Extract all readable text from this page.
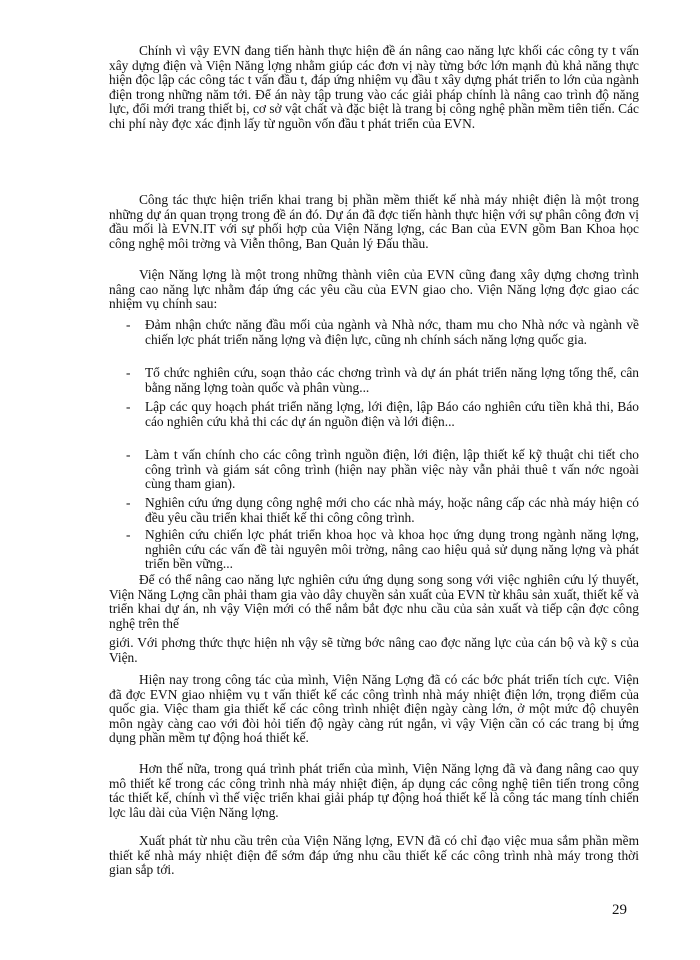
Chính vì vậy EVN đang tiến hành thực hiện đề án nâng cao năng lực khối các công ty t vấn xây dựng điện và Viện Năng lợng nhằm giúp các đơn vị này từng bớc lớn mạnh đủ khả năng thực hiện độc lập các công tác t vấn đầu t, đáp ứng nhiệm vụ đầu t xây dựng phát triển to lớn của ngành điện trong những năm tới. Để án này tập trung vào các giải pháp chính là nâng cao trình độ năng lực, đổi mới trang thiết bị, cơ sở vật chất và đặc biệt là trang bị công nghệ phần mềm tiên tiến. Các chi phí này đợc xác định lấy từ nguồn vốn đầu t phát triển của EVN.

Công tác thực hiện triển khai trang bị phần mềm thiết kế nhà máy nhiệt điện là một trong những dự án quan trọng trong đề án đó. Dự án đã đợc tiến hành thực hiện với sự phân công đơn vị đầu mối là EVN.IT với sự phối hợp của Viện Năng lợng, các Ban của EVN gồm Ban Khoa học công nghệ môi trờng và Viễn thông, Ban Quản lý Đấu thầu.

Viện Năng lợng là một trong những thành viên của EVN cũng đang xây dựng chơng trình nâng cao năng lực nhằm đáp ứng các yêu cầu của EVN giao cho. Viện Năng lợng đợc giao các nhiệm vụ chính sau:

- Đảm nhận chức năng đầu mối của ngành và Nhà nớc, tham mu cho Nhà nớc và ngành về chiến lợc phát triển năng lợng và điện lực, cũng nh chính sách năng lợng quốc gia.
- Tổ chức nghiên cứu, soạn thảo các chơng trình và dự án phát triển năng lợng tổng thể, cân bằng năng lợng toàn quốc và phân vùng...
- Lập các quy hoạch phát triển năng lợng, lới điện, lập Báo cáo nghiên cứu tiền khả thi, Báo cáo nghiên cứu khả thi các dự án nguồn điện và lới điện...
- Làm t vấn chính cho các công trình nguồn điện, lới điện, lập thiết kế kỹ thuật chi tiết cho công trình và giám sát công trình (hiện nay phần việc này vẫn phải thuê t vấn nớc ngoài cùng tham gian).
- Nghiên cứu ứng dụng công nghệ mới cho các nhà máy, hoặc nâng cấp các nhà máy hiện có đều yêu cầu triển khai thiết kế thi công công trình.
- Nghiên cứu chiến lợc phát triển khoa học và khoa học ứng dụng trong ngành năng lợng, nghiên cứu các vấn đề tài nguyên môi trờng, nâng cao hiệu quả sử dụng năng lợng và phát triển bền vững...

Để có thể nâng cao năng lực nghiên cứu ứng dụng song song với việc nghiên cứu lý thuyết, Viện Năng Lợng cần phải tham gia vào dây chuyền sản xuất của EVN từ khâu sản xuất, thiết kế và triển khai dự án, nh vậy Viện mới có thể nắm bắt đợc nhu cầu của sản xuất và tiếp cận đợc công nghệ trên thế

giới. Với phơng thức thực hiện nh vậy sẽ từng bớc nâng cao đợc năng lực của cán bộ và kỹ s của Viện.

Hiện nay trong công tác của mình, Viện Năng Lợng đã có các bớc phát triển tích cực. Viện đã đợc EVN giao nhiệm vụ t vấn thiết kế các công trình nhà máy nhiệt điện lớn, trọng điểm của quốc gia. Việc tham gia thiết kế các công trình nhiệt điện ngày càng lớn, ở một mức độ chuyên môn ngày càng cao với đòi hỏi tiến độ ngày càng rút ngắn, vì vậy Viện cần có các trang bị ứng dụng phần mềm tự động hoá thiết kế.

Hơn thế nữa, trong quá trình phát triển của mình, Viện Năng lợng đã và đang nâng cao quy mô thiết kế trong các công trình nhà máy nhiệt điện, áp dụng các công nghệ tiên tiến trong công tác thiết kế, chính vì thế việc triển khai giải pháp tự động hoá thiết kế là công tác mang tính chiến lợc lâu dài của Viện Năng lợng.

Xuất phát từ nhu cầu trên của Viện Năng lợng, EVN đã có chỉ đạo việc mua sắm phần mềm thiết kế nhà máy nhiệt điện để sớm đáp ứng nhu cầu thiết kế các công trình nhà máy trong thời gian sắp tới.

29
